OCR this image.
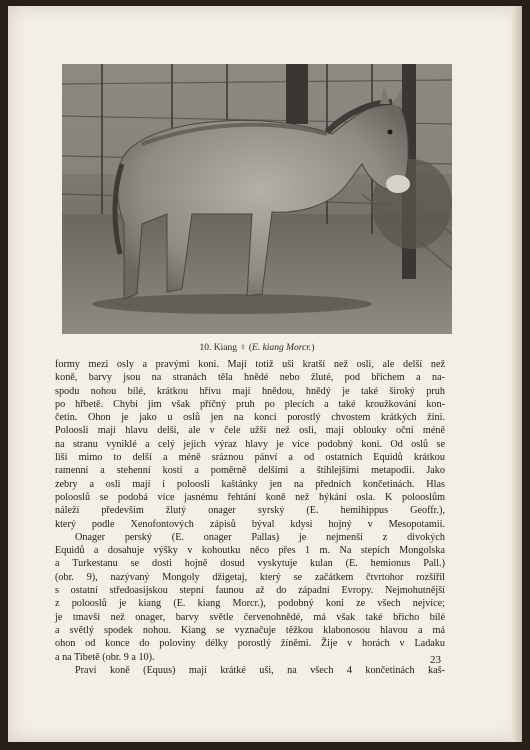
10. Kiang ♀ (E. kiang Morcr.)
formy mezi osly a pravými koni. Mají totiž uši kratší než osli, ale delší než
koně, barvy jsou na stranách těla hnědé nebo žluté, pod břichem a na-
spodu nohou bílé, krátkou hřívu mají hnědou, hnědý je také široký pruh
po hřbetě. Chybí jim však příčný pruh po plecích a také kroužkování kon-
četin. Ohon je jako u oslů jen na konci porostlý chvostem krátkých žíní.
Poloosli mají hlavu delší, ale v čele užší než osli, mají oblouky oční méně
na stranu vyniklé a celý jejich výraz hlavy je více podobný koni. Od oslů se
liší mimo to delší a méně sráznou pánví a od ostatních Equidů krátkou
ramenní a stehenní kostí a poměrně delšími a štíhlejšími metapodii. Jako
zebry a osli mají i poloosli kaštánky jen na předních končetinách. Hlas
polooslů se podobá více jasnému řehtání koně než hýkání osla. K polooslům
náleží především žlutý onager syrský (E. hemihippus Geoffr.),
který podle Xenofontových zápisů býval kdysi hojný v Mesopotamii.
Onager perský (E. onager Pallas) je nejmenší z divokých
Equidů a dosahuje výšky v kohoutku něco přes 1 m. Na stepích Mongolska
a Turkestanu se dosti hojně dosud vyskytuje kulan (E. hemionus Pall.)
(obr. 9), nazývaný Mongoly džigetaj, který se začátkem čtvrtohor rozšířil
s ostatní středoasijskou stepní faunou až do západní Evropy. Nejmohutnější
z polooslů je kiang (E. kiang Morcr.), podobný koni ze všech nejvíce;
je tmavší než onager, barvy světle červenohnědé, má však také břicho bílé
a světlý spodek nohou. Kiang se vyznačuje těžkou klabonosou hlavou a má
ohon od konce do poloviny délky porostlý žíněmi. Žije v horách v Ladaku
a na Tibetě (obr. 9 a 10).
Praví koně (Equus) mají krátké uši, na všech 4 končetinách kaš-
23
